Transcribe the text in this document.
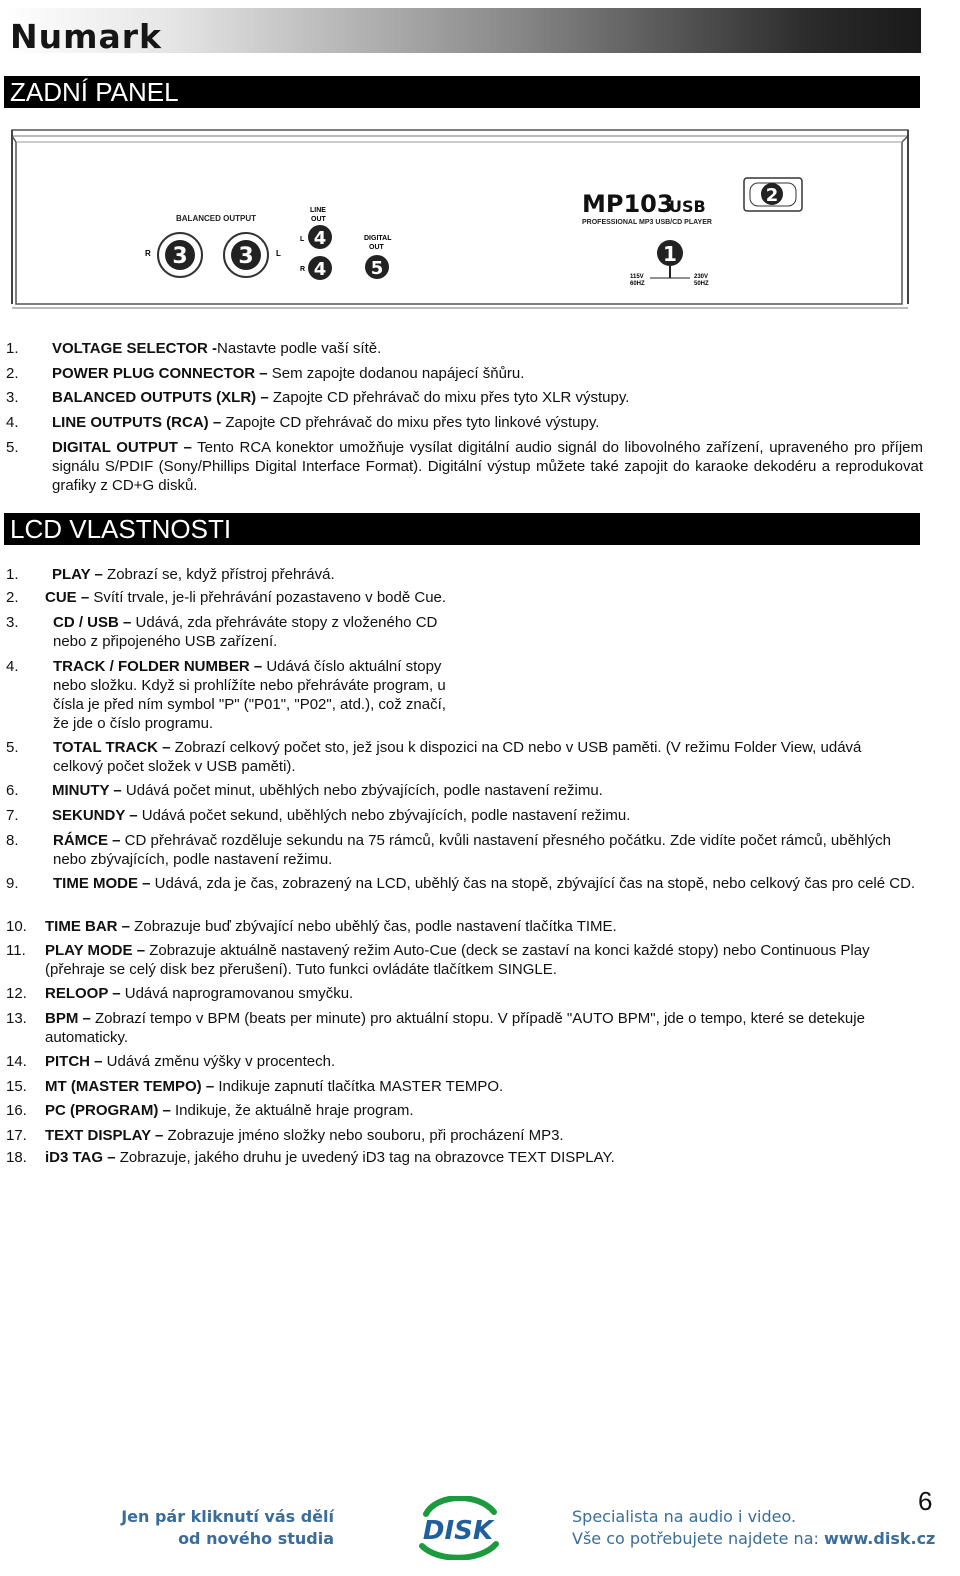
Numark
ZADNÍ PANEL
BALANCED OUTPUT
R	L
3 3
LINE
OUT
L
R
4
4
DIGITAL
OUT
5
MP103
USB
PROFESSIONAL MP3 USB/CD PLAYER
1
115V
60HZ
230V
50HZ
2
1. VOLTAGE SELECTOR -Nastavte podle vaší sítě.
2. POWER PLUG CONNECTOR – Sem zapojte dodanou napájecí šňůru.
3. BALANCED OUTPUTS (XLR) – Zapojte CD přehrávač do mixu přes tyto XLR výstupy.
4. LINE OUTPUTS (RCA) – Zapojte CD přehrávač do mixu přes tyto linkové výstupy.
5. DIGITAL OUTPUT – Tento RCA konektor umožňuje vysílat digitální audio signál do libovolného zařízení, upraveného pro příjem signálu S/PDIF (Sony/Phillips Digital Interface Format). Digitální výstup můžete také zapojit do karaoke dekodéru a reprodukovat grafiky z CD+G disků.
LCD VLASTNOSTI
1. PLAY – Zobrazí se, když přístroj přehrává.
2. CUE – Svítí trvale, je-li přehrávání pozastaveno v bodě Cue.
3. CD / USB – Udává, zda přehráváte stopy z vloženého CD nebo z připojeného USB zařízení.
4. TRACK / FOLDER NUMBER – Udává číslo aktuální stopy nebo složku. Když si prohlížíte nebo přehráváte program, u čísla je před ním symbol "P" ("P01", "P02", atd.), což značí, že jde o číslo programu.
5. TOTAL TRACK – Zobrazí celkový počet sto, jež jsou k dispozici na CD nebo v USB paměti. (V režimu Folder View, udává celkový počet složek v USB paměti).
6. MINUTY – Udává počet minut, uběhlých nebo zbývajících, podle nastavení režimu.
7. SEKUNDY – Udává počet sekund, uběhlých nebo zbývajících, podle nastavení režimu.
8. RÁMCE – CD přehrávač rozděluje sekundu na 75 rámců, kvůli nastavení přesného počátku. Zde vidíte počet rámců, uběhlých nebo zbývajících, podle nastavení režimu.
9. TIME MODE – Udává, zda je čas, zobrazený na LCD, uběhlý čas na stopě, zbývající čas na stopě, nebo celkový čas pro celé CD.
10. TIME BAR – Zobrazuje buď zbývající nebo uběhlý čas, podle nastavení tlačítka TIME.
11. PLAY MODE – Zobrazuje aktuálně nastavený režim Auto-Cue (deck se zastaví na konci každé stopy) nebo Continuous Play (přehraje se celý disk bez přerušení). Tuto funkci ovládáte tlačítkem SINGLE.
12. RELOOP – Udává naprogramovanou smyčku.
13. BPM – Zobrazí tempo v BPM (beats per minute) pro aktuální stopu. V případě "AUTO BPM", jde o tempo, které se detekuje automaticky.
14. PITCH – Udává změnu výšky v procentech.
15. MT (MASTER TEMPO) – Indikuje zapnutí tlačítka MASTER TEMPO.
16. PC (PROGRAM) – Indikuje, že aktuálně hraje program.
17. TEXT DISPLAY – Zobrazuje jméno složky nebo souboru, při procházení MP3.
18. iD3 TAG – Zobrazuje, jakého druhu je uvedený iD3 tag na obrazovce TEXT DISPLAY.
Jen pár kliknutí vás dělí
od nového studia	DISK	Specialista na audio i video.
Vše co potřebujete najdete na: www.disk.cz
6
